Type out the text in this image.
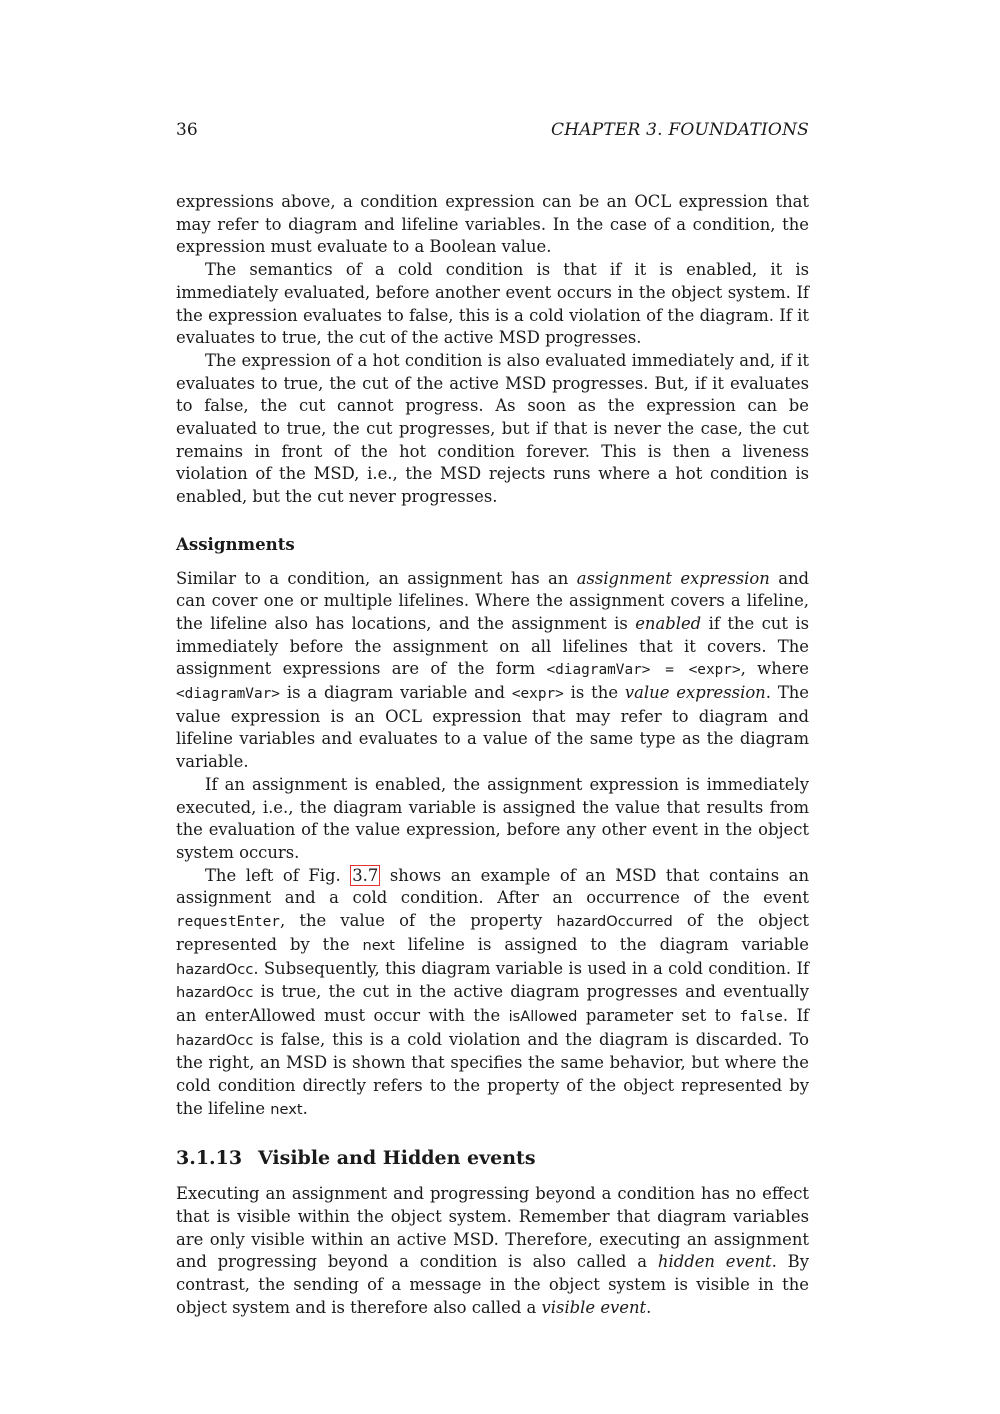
36	CHAPTER 3. FOUNDATIONS

expressions above, a condition expression can be an OCL expression that may refer to diagram and lifeline variables. In the case of a condition, the expression must evaluate to a Boolean value.

The semantics of a cold condition is that if it is enabled, it is immediately evaluated, before another event occurs in the object system. If the expression evaluates to false, this is a cold violation of the diagram. If it evaluates to true, the cut of the active MSD progresses.

The expression of a hot condition is also evaluated immediately and, if it evaluates to true, the cut of the active MSD progresses. But, if it evaluates to false, the cut cannot progress. As soon as the expression can be evaluated to true, the cut progresses, but if that is never the case, the cut remains in front of the hot condition forever. This is then a liveness violation of the MSD, i.e., the MSD rejects runs where a hot condition is enabled, but the cut never progresses.

Assignments

Similar to a condition, an assignment has an assignment expression and can cover one or multiple lifelines. Where the assignment covers a lifeline, the lifeline also has locations, and the assignment is enabled if the cut is immediately before the assignment on all lifelines that it covers. The assignment expressions are of the form <diagramVar> = <expr>, where <diagramVar> is a diagram variable and <expr> is the value expression. The value expression is an OCL expression that may refer to diagram and lifeline variables and evaluates to a value of the same type as the diagram variable.

If an assignment is enabled, the assignment expression is immediately executed, i.e., the diagram variable is assigned the value that results from the evaluation of the value expression, before any other event in the object system occurs.

The left of Fig. 3.7 shows an example of an MSD that contains an assignment and a cold condition. After an occurrence of the event requestEnter, the value of the property hazardOccurred of the object represented by the next lifeline is assigned to the diagram variable hazardOcc. Subsequently, this diagram variable is used in a cold condition. If hazardOcc is true, the cut in the active diagram progresses and eventually an enterAllowed must occur with the isAllowed parameter set to false. If hazardOcc is false, this is a cold violation and the diagram is discarded. To the right, an MSD is shown that specifies the same behavior, but where the cold condition directly refers to the property of the object represented by the lifeline next.

3.1.13 Visible and Hidden events

Executing an assignment and progressing beyond a condition has no effect that is visible within the object system. Remember that diagram variables are only visible within an active MSD. Therefore, executing an assignment and progressing beyond a condition is also called a hidden event. By contrast, the sending of a message in the object system is visible in the object system and is therefore also called a visible event.
